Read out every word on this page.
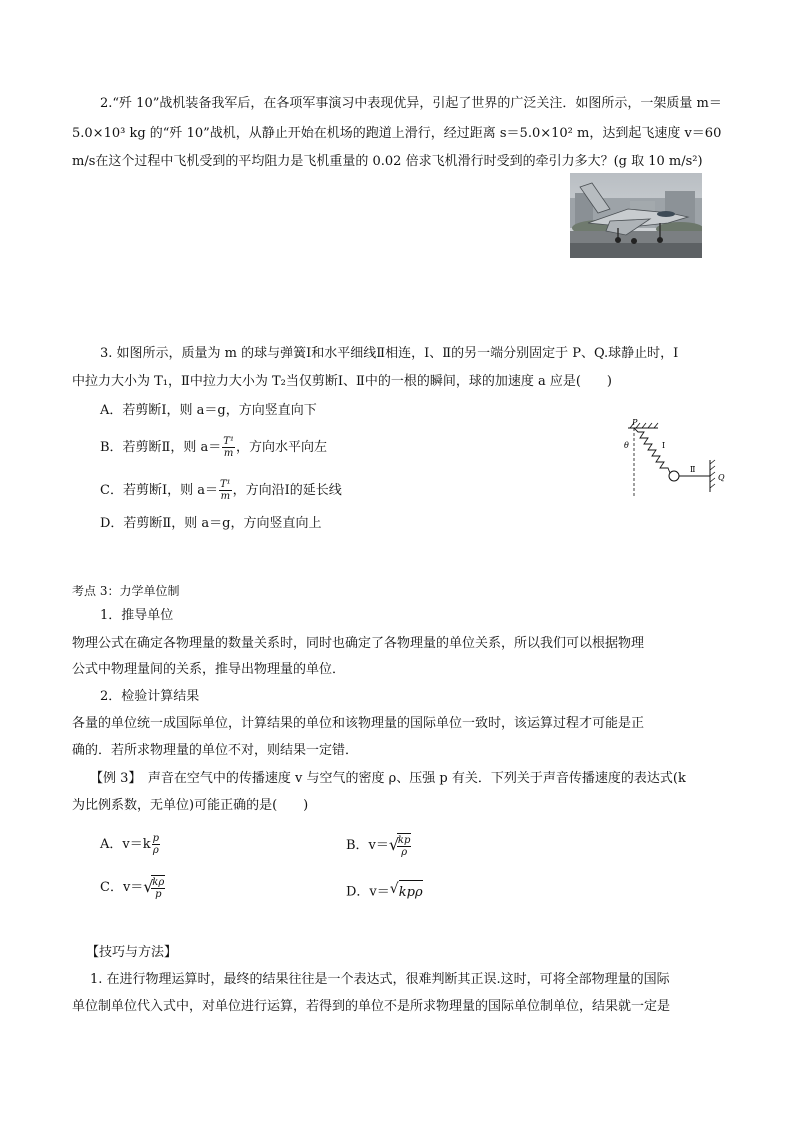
2.“歼 10”战机装备我军后，在各项军事演习中表现优异，引起了世界的广泛关注．如图所示，一架质量 m＝
5.0×10³ kg 的“歼 10”战机，从静止开始在机场的跑道上滑行，经过距离 s＝5.0×10² m，达到起飞速度 v＝60
m/s在这个过程中飞机受到的平均阻力是飞机重量的 0.02 倍求飞机滑行时受到的牵引力多大？(g 取 10 m/s²)
3. 如图所示，质量为 m 的球与弹簧Ⅰ和水平细线Ⅱ相连，Ⅰ、Ⅱ的另一端分别固定于 P、Q.球静止时，Ⅰ
中拉力大小为 T₁，Ⅱ中拉力大小为 T₂当仅剪断Ⅰ、Ⅱ中的一根的瞬间，球的加速度 a 应是(　　)
A．若剪断Ⅰ，则 a＝g，方向竖直向下
B．若剪断Ⅱ，则 $a= \frac{\text{T¹}}{m}$ ，方向水平向左
C．若剪断Ⅰ，则 $a= \frac{\text{T¹}}{m}$ ，方向沿Ⅰ的延长线
D．若剪断Ⅱ，则 a＝g，方向竖直向上
P
θ	Ⅰ
Ⅱ
Q
考点 3：力学单位制
1．推导单位
物理公式在确定各物理量的数量关系时，同时也确定了各物理量的单位关系，所以我们可以根据物理
公式中物理量间的关系，推导出物理量的单位．
2．检验计算结果
各量的单位统一成国际单位，计算结果的单位和该物理量的国际单位一致时，该运算过程才可能是正
确的．若所求物理量的单位不对，则结果一定错．
【例 3】　声音在空气中的传播速度 v 与空气的密度 ρ、压强 p 有关．下列关于声音传播速度的表达式(k
为比例系数，无单位)可能正确的是(　　)
A．$v=k \frac{p}{\rho}$	B．v＝ √
$\frac{kp}{\rho}$
C．v＝ √
$\frac{k\rho}{p}$	D．v＝ √ kpρ
【技巧与方法】
1. 在进行物理运算时，最终的结果往往是一个表达式，很难判断其正误.这时，可将全部物理量的国际
单位制单位代入式中，对单位进行运算，若得到的单位不是所求物理量的国际单位制单位，结果就一定是
